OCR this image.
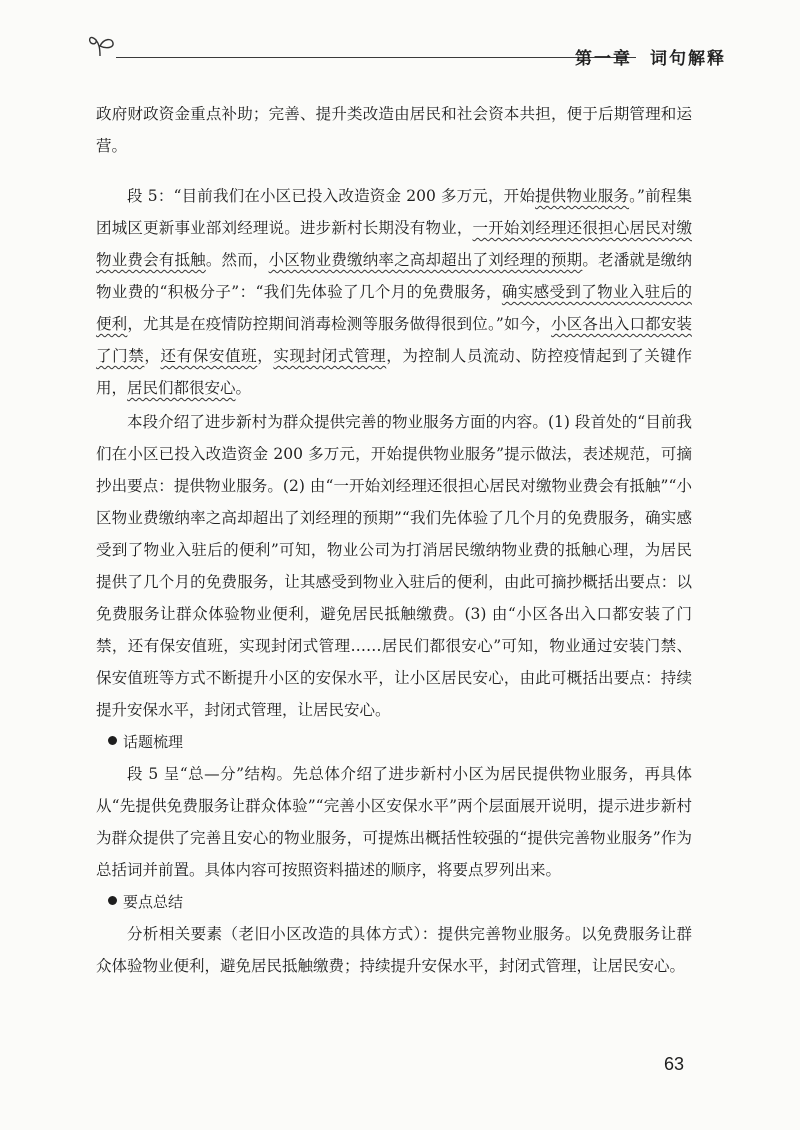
第一章 词句解释

政府财政资金重点补助；完善、提升类改造由居民和社会资本共担，便于后期管理和运营。

段 5：“目前我们在小区已投入改造资金 200 多万元，开始提供物业服务。”前程集团城区更新事业部刘经理说。进步新村长期没有物业，一开始刘经理还很担心居民对缴物业费会有抵触。然而，小区物业费缴纳率之高却超出了刘经理的预期。老潘就是缴纳物业费的“积极分子”：“我们先体验了几个月的免费服务，确实感受到了物业入驻后的便利，尤其是在疫情防控期间消毒检测等服务做得很到位。”如今，小区各出入口都安装了门禁，还有保安值班，实现封闭式管理，为控制人员流动、防控疫情起到了关键作用，居民们都很安心。

本段介绍了进步新村为群众提供完善的物业服务方面的内容。(1) 段首处的“目前我们在小区已投入改造资金 200 多万元，开始提供物业服务”提示做法，表述规范，可摘抄出要点：提供物业服务。(2) 由“一开始刘经理还很担心居民对缴物业费会有抵触”“小区物业费缴纳率之高却超出了刘经理的预期”“我们先体验了几个月的免费服务，确实感受到了物业入驻后的便利”可知，物业公司为打消居民缴纳物业费的抵触心理，为居民提供了几个月的免费服务，让其感受到物业入驻后的便利，由此可摘抄概括出要点：以免费服务让群众体验物业便利，避免居民抵触缴费。(3) 由“小区各出入口都安装了门禁，还有保安值班，实现封闭式管理……居民们都很安心”可知，物业通过安装门禁、保安值班等方式不断提升小区的安保水平，让小区居民安心，由此可概括出要点：持续提升安保水平，封闭式管理，让居民安心。

话题梳理

段 5 呈“总—分”结构。先总体介绍了进步新村小区为居民提供物业服务，再具体从“先提供免费服务让群众体验”“完善小区安保水平”两个层面展开说明，提示进步新村为群众提供了完善且安心的物业服务，可提炼出概括性较强的“提供完善物业服务”作为总括词并前置。具体内容可按照资料描述的顺序，将要点罗列出来。

要点总结

分析相关要素（老旧小区改造的具体方式）：提供完善物业服务。以免费服务让群众体验物业便利，避免居民抵触缴费；持续提升安保水平，封闭式管理，让居民安心。

63
